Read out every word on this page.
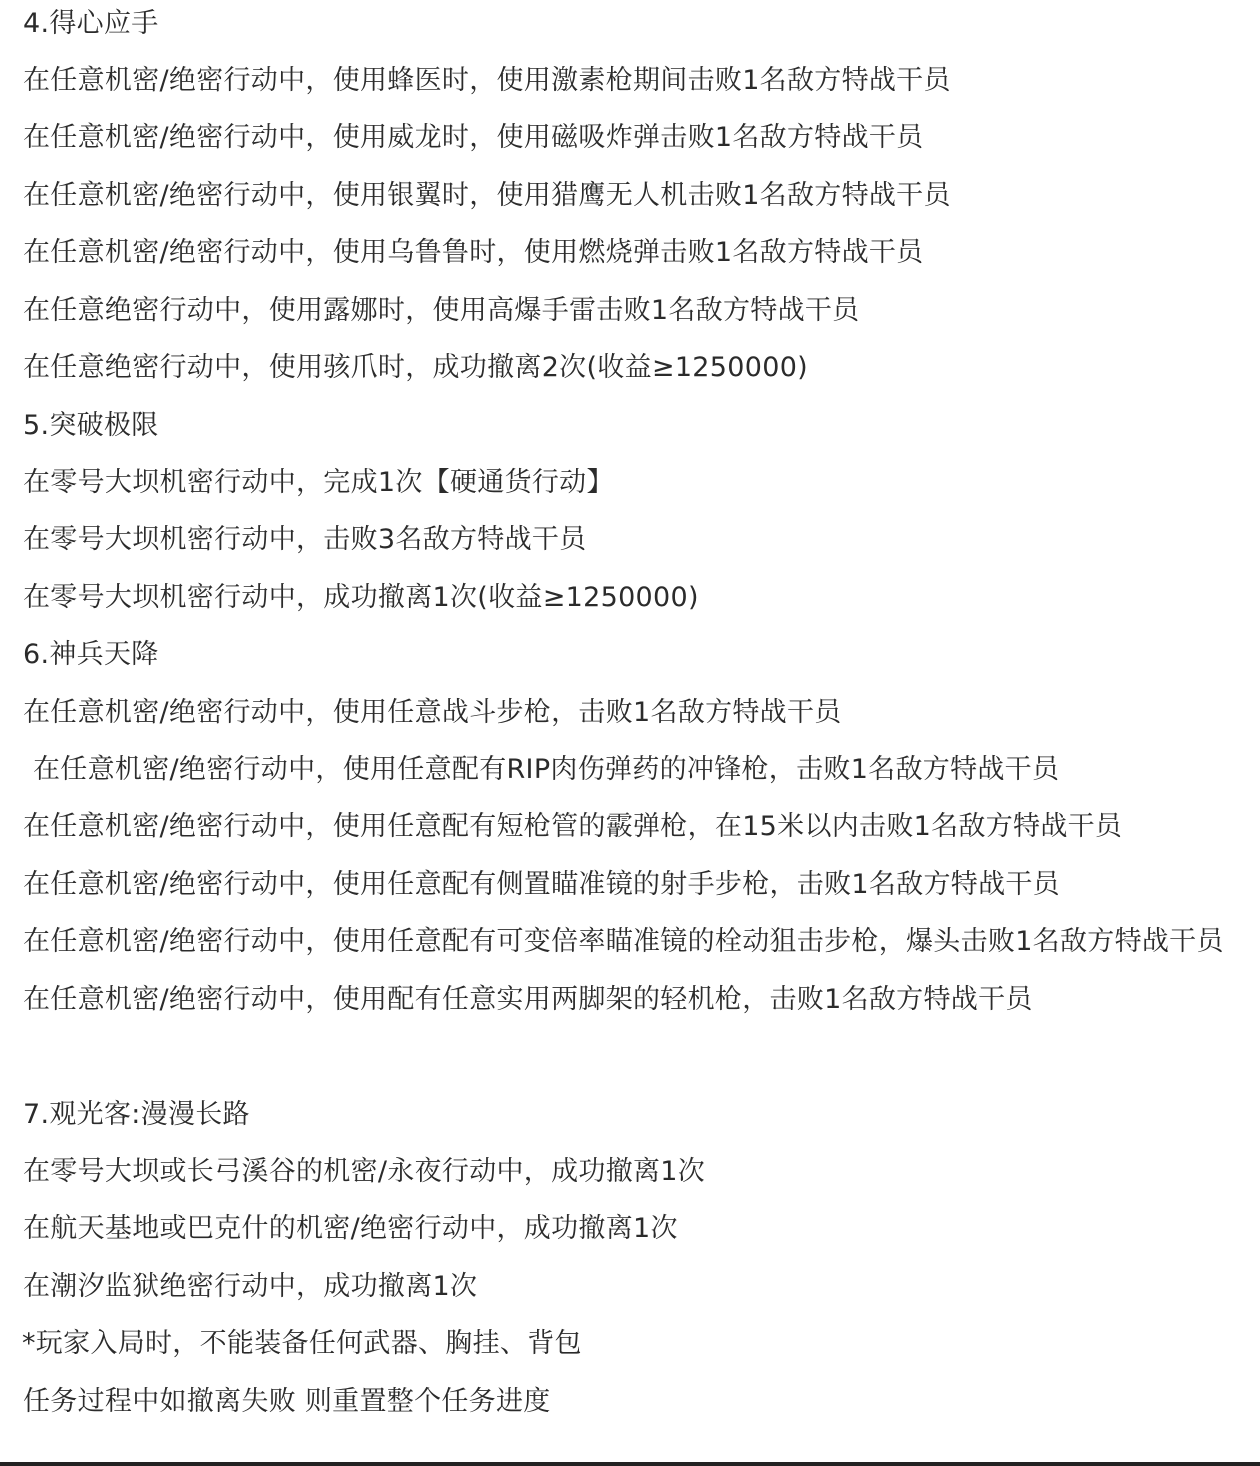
4.得心应手
在任意机密/绝密行动中，使用蜂医时，使用激素枪期间击败1名敌方特战干员
在任意机密/绝密行动中，使用威龙时，使用磁吸炸弹击败1名敌方特战干员
在任意机密/绝密行动中，使用银翼时，使用猎鹰无人机击败1名敌方特战干员
在任意机密/绝密行动中，使用乌鲁鲁时，使用燃烧弹击败1名敌方特战干员
在任意绝密行动中，使用露娜时，使用高爆手雷击败1名敌方特战干员
在任意绝密行动中，使用骇爪时，成功撤离2次(收益≥1250000)
5.突破极限
在零号大坝机密行动中，完成1次【硬通货行动】
在零号大坝机密行动中，击败3名敌方特战干员
在零号大坝机密行动中，成功撤离1次(收益≥1250000)
6.神兵天降
在任意机密/绝密行动中，使用任意战斗步枪，击败1名敌方特战干员
在任意机密/绝密行动中，使用任意配有RIP肉伤弹药的冲锋枪，击败1名敌方特战干员
在任意机密/绝密行动中，使用任意配有短枪管的霰弹枪，在15米以内击败1名敌方特战干员
在任意机密/绝密行动中，使用任意配有侧置瞄准镜的射手步枪，击败1名敌方特战干员
在任意机密/绝密行动中，使用任意配有可变倍率瞄准镜的栓动狙击步枪，爆头击败1名敌方特战干员
在任意机密/绝密行动中，使用配有任意实用两脚架的轻机枪，击败1名敌方特战干员
7.观光客:漫漫长路
在零号大坝或长弓溪谷的机密/永夜行动中，成功撤离1次
在航天基地或巴克什的机密/绝密行动中，成功撤离1次
在潮汐监狱绝密行动中，成功撤离1次
*玩家入局时，不能装备任何武器、胸挂、背包
任务过程中如撤离失败 则重置整个任务进度
